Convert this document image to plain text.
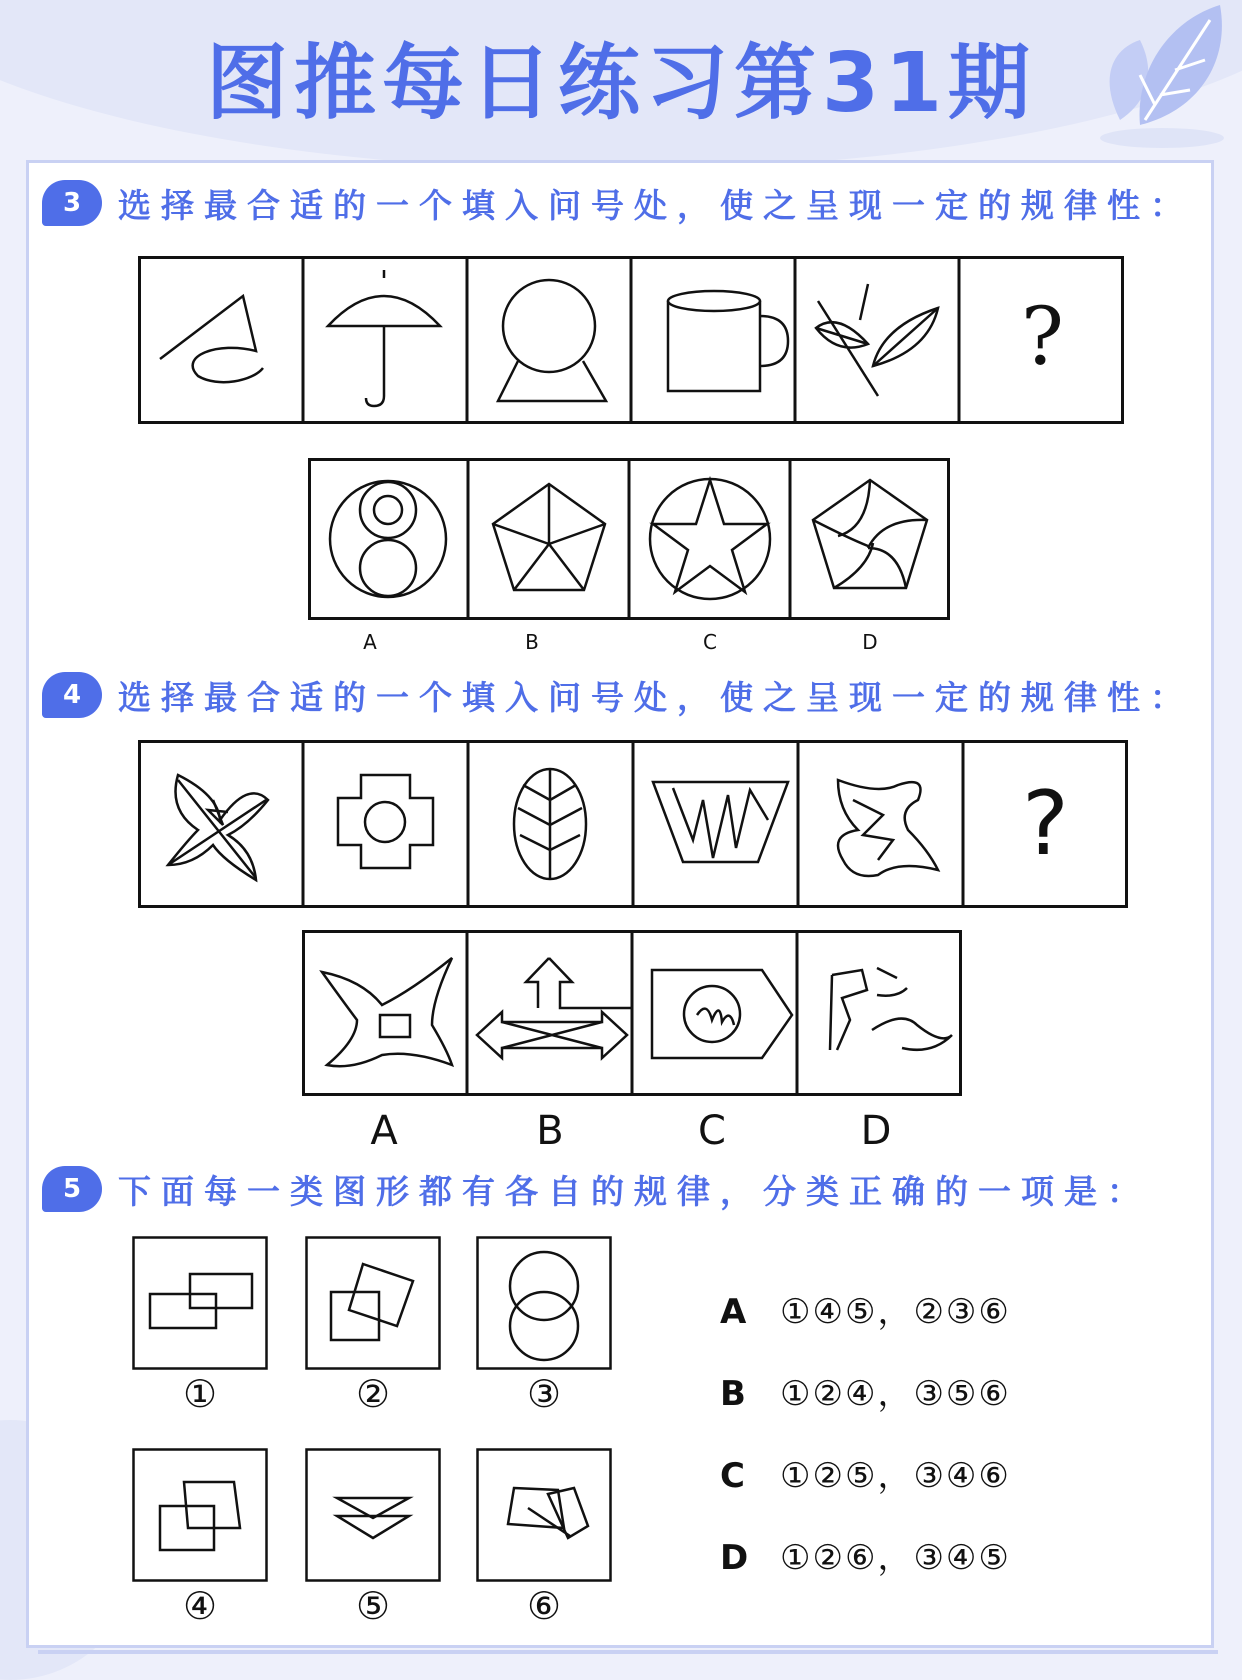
图推每日练习第31期
3	选择最合适的一个填入问号处，使之呈现一定的规律性：
?
A	B	C	D
4	选择最合适的一个填入问号处，使之呈现一定的规律性：
?
A	B	C	D
5	下面每一类图形都有各自的规律，分类正确的一项是：
①	②	③
④	⑤	⑥
A ①④⑤，②③⑥
B ①②④，③⑤⑥
C ①②⑤，③④⑥
D ①②⑥，③④⑤
